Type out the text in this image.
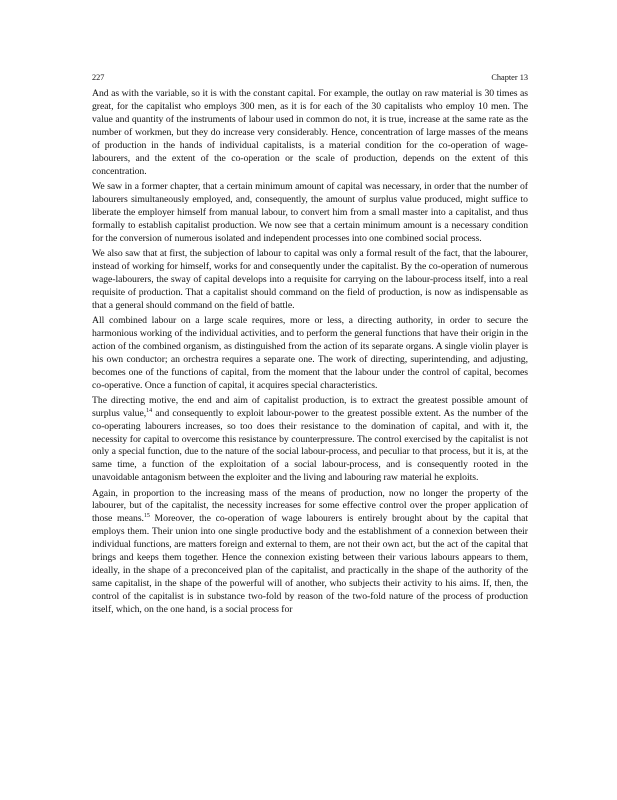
227	Chapter 13

And as with the variable, so it is with the constant capital. For example, the outlay on raw material is 30 times as great, for the capitalist who employs 300 men, as it is for each of the 30 capitalists who employ 10 men. The value and quantity of the instruments of labour used in common do not, it is true, increase at the same rate as the number of workmen, but they do increase very considerably. Hence, concentration of large masses of the means of production in the hands of individual capitalists, is a material condition for the co-operation of wage-labourers, and the extent of the co-operation or the scale of production, depends on the extent of this concentration.

We saw in a former chapter, that a certain minimum amount of capital was necessary, in order that the number of labourers simultaneously employed, and, consequently, the amount of surplus value produced, might suffice to liberate the employer himself from manual labour, to convert him from a small master into a capitalist, and thus formally to establish capitalist production. We now see that a certain minimum amount is a necessary condition for the conversion of numerous isolated and independent processes into one combined social process.

We also saw that at first, the subjection of labour to capital was only a formal result of the fact, that the labourer, instead of working for himself, works for and consequently under the capitalist. By the co-operation of numerous wage-labourers, the sway of capital develops into a requisite for carrying on the labour-process itself, into a real requisite of production. That a capitalist should command on the field of production, is now as indispensable as that a general should command on the field of battle.

All combined labour on a large scale requires, more or less, a directing authority, in order to secure the harmonious working of the individual activities, and to perform the general functions that have their origin in the action of the combined organism, as distinguished from the action of its separate organs. A single violin player is his own conductor; an orchestra requires a separate one. The work of directing, superintending, and adjusting, becomes one of the functions of capital, from the moment that the labour under the control of capital, becomes co-operative. Once a function of capital, it acquires special characteristics.

The directing motive, the end and aim of capitalist production, is to extract the greatest possible amount of surplus value,$^{14}$ and consequently to exploit labour-power to the greatest possible extent. As the number of the co-operating labourers increases, so too does their resistance to the domination of capital, and with it, the necessity for capital to overcome this resistance by counterpressure. The control exercised by the capitalist is not only a special function, due to the nature of the social labour-process, and peculiar to that process, but it is, at the same time, a function of the exploitation of a social labour-process, and is consequently rooted in the unavoidable antagonism between the exploiter and the living and labouring raw material he exploits.

Again, in proportion to the increasing mass of the means of production, now no longer the property of the labourer, but of the capitalist, the necessity increases for some effective control over the proper application of those means.$^{15}$ Moreover, the co-operation of wage labourers is entirely brought about by the capital that employs them. Their union into one single productive body and the establishment of a connexion between their individual functions, are matters foreign and external to them, are not their own act, but the act of the capital that brings and keeps them together. Hence the connexion existing between their various labours appears to them, ideally, in the shape of a preconceived plan of the capitalist, and practically in the shape of the authority of the same capitalist, in the shape of the powerful will of another, who subjects their activity to his aims. If, then, the control of the capitalist is in substance two-fold by reason of the two-fold nature of the process of production itself, which, on the one hand, is a social process for
